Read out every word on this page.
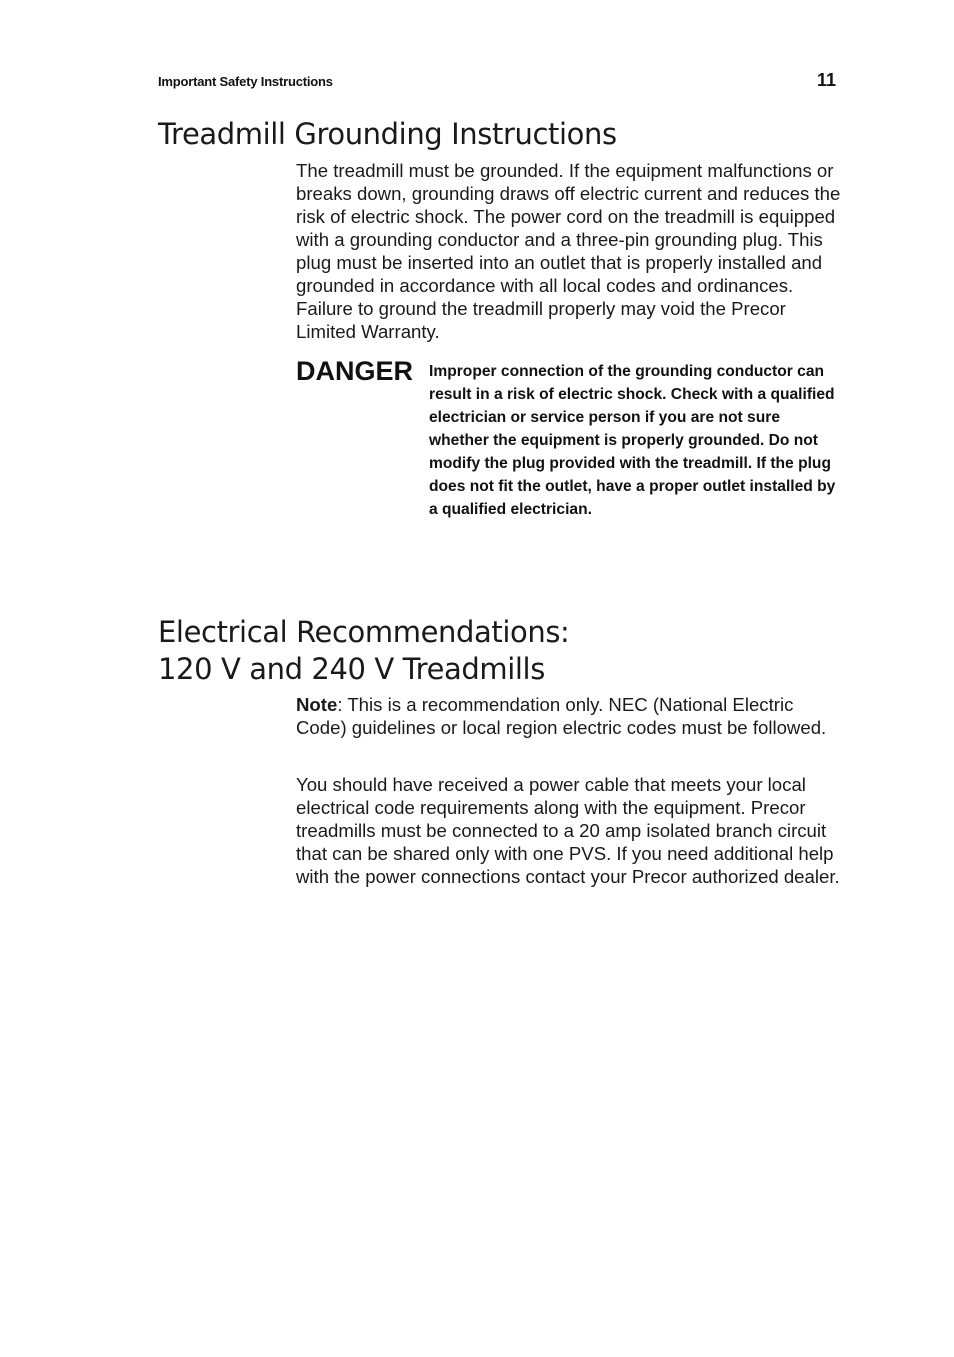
Important Safety Instructions	11
Treadmill Grounding Instructions

The treadmill must be grounded. If the equipment malfunctions or breaks down, grounding draws off electric current and reduces the risk of electric shock. The power cord on the treadmill is equipped with a grounding conductor and a three-pin grounding plug. This plug must be inserted into an outlet that is properly installed and grounded in accordance with all local codes and ordinances. Failure to ground the treadmill properly may void the Precor Limited Warranty.

DANGER Improper connection of the grounding conductor can result in a risk of electric shock. Check with a qualified electrician or service person if you are not sure whether the equipment is properly grounded. Do not modify the plug provided with the treadmill. If the plug does not fit the outlet, have a proper outlet installed by a qualified electrician.

Electrical Recommendations:
120 V and 240 V Treadmills

Note: This is a recommendation only. NEC (National Electric Code) guidelines or local region electric codes must be followed.

You should have received a power cable that meets your local electrical code requirements along with the equipment. Precor treadmills must be connected to a 20 amp isolated branch circuit that can be shared only with one PVS. If you need additional help with the power connections contact your Precor authorized dealer.
